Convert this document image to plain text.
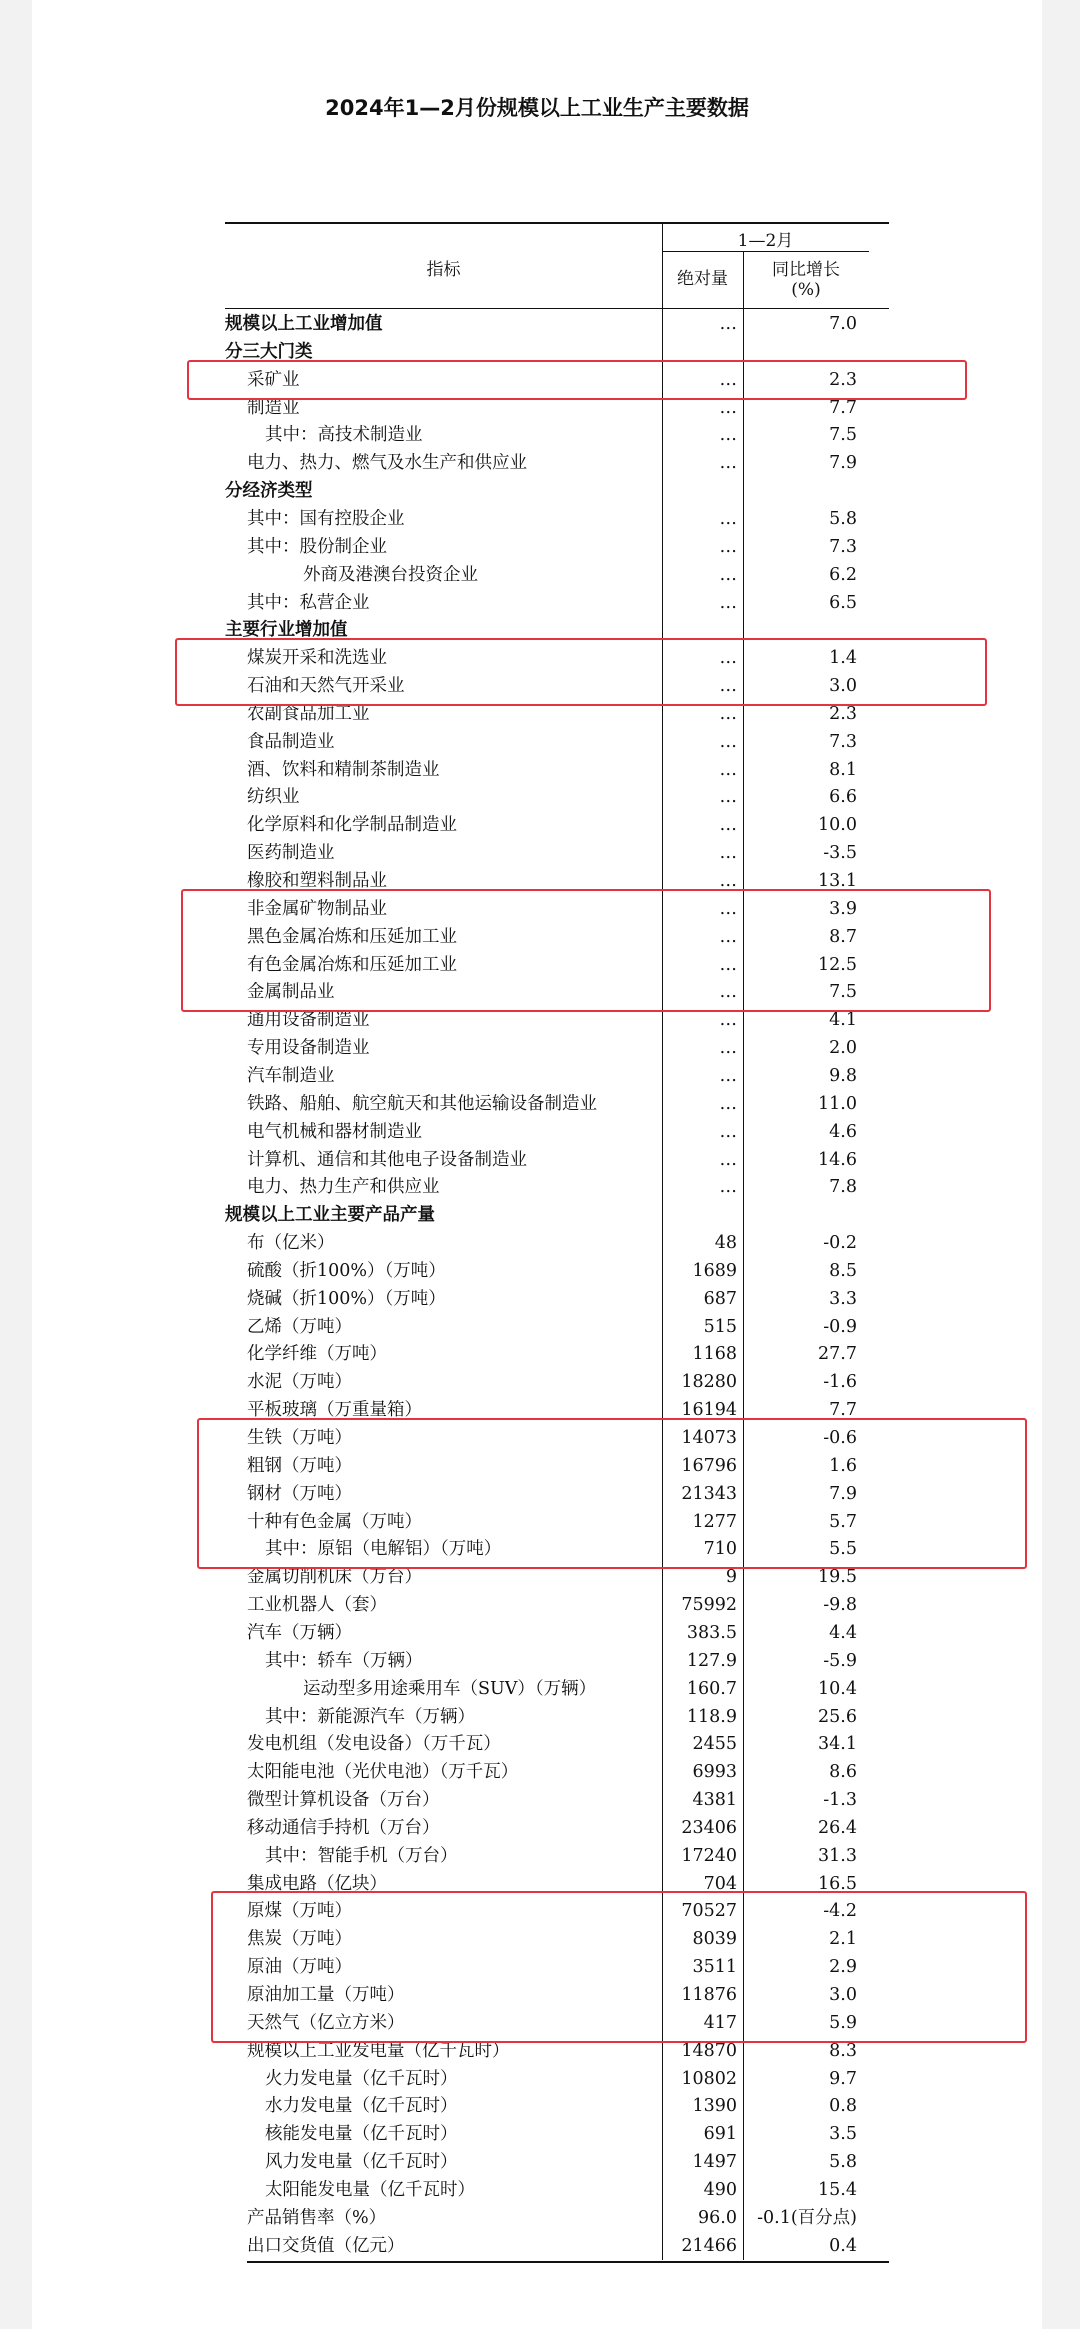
2024年1—2月份规模以上工业生产主要数据
指标
1—2月
绝对量	同比增长
(%)
规模以上工业增加值	…	7.0
分三大门类
采矿业	…	2.3
制造业	…	7.7
其中：高技术制造业	…	7.5
电力、热力、燃气及水生产和供应业	…	7.9
分经济类型
其中：国有控股企业	…	5.8
其中：股份制企业	…	7.3
外商及港澳台投资企业	…	6.2
其中：私营企业	…	6.5
主要行业增加值
煤炭开采和洗选业	…	1.4
石油和天然气开采业	…	3.0
农副食品加工业	…	2.3
食品制造业	…	7.3
酒、饮料和精制茶制造业	…	8.1
纺织业	…	6.6
化学原料和化学制品制造业	…	10.0
医药制造业	…	-3.5
橡胶和塑料制品业	…	13.1
非金属矿物制品业	…	3.9
黑色金属冶炼和压延加工业	…	8.7
有色金属冶炼和压延加工业	…	12.5
金属制品业	…	7.5
通用设备制造业	…	4.1
专用设备制造业	…	2.0
汽车制造业	…	9.8
铁路、船舶、航空航天和其他运输设备制造业	…	11.0
电气机械和器材制造业	…	4.6
计算机、通信和其他电子设备制造业	…	14.6
电力、热力生产和供应业	…	7.8
规模以上工业主要产品产量
布（亿米）	48	-0.2
硫酸（折100%）（万吨）	1689	8.5
烧碱（折100%）（万吨）	687	3.3
乙烯（万吨）	515	-0.9
化学纤维（万吨）	1168	27.7
水泥（万吨）	18280	-1.6
平板玻璃（万重量箱）	16194	7.7
生铁（万吨）	14073	-0.6
粗钢（万吨）	16796	1.6
钢材（万吨）	21343	7.9
十种有色金属（万吨）	1277	5.7
其中：原铝（电解铝）（万吨）	710	5.5
金属切削机床（万台）	9	19.5
工业机器人（套）	75992	-9.8
汽车（万辆）	383.5	4.4
其中：轿车（万辆）	127.9	-5.9
运动型多用途乘用车（SUV）（万辆）	160.7	10.4
其中：新能源汽车（万辆）	118.9	25.6
发电机组（发电设备）（万千瓦）	2455	34.1
太阳能电池（光伏电池）（万千瓦）	6993	8.6
微型计算机设备（万台）	4381	-1.3
移动通信手持机（万台）	23406	26.4
其中：智能手机（万台）	17240	31.3
集成电路（亿块）	704	16.5
原煤（万吨）	70527	-4.2
焦炭（万吨）	8039	2.1
原油（万吨）	3511	2.9
原油加工量（万吨）	11876	3.0
天然气（亿立方米）	417	5.9
规模以上工业发电量（亿千瓦时）	14870	8.3
火力发电量（亿千瓦时）	10802	9.7
水力发电量（亿千瓦时）	1390	0.8
核能发电量（亿千瓦时）	691	3.5
风力发电量（亿千瓦时）	1497	5.8
太阳能发电量（亿千瓦时）	490	15.4
产品销售率（%）	96.0	-0.1(百分点)
出口交货值（亿元）	21466	0.4
